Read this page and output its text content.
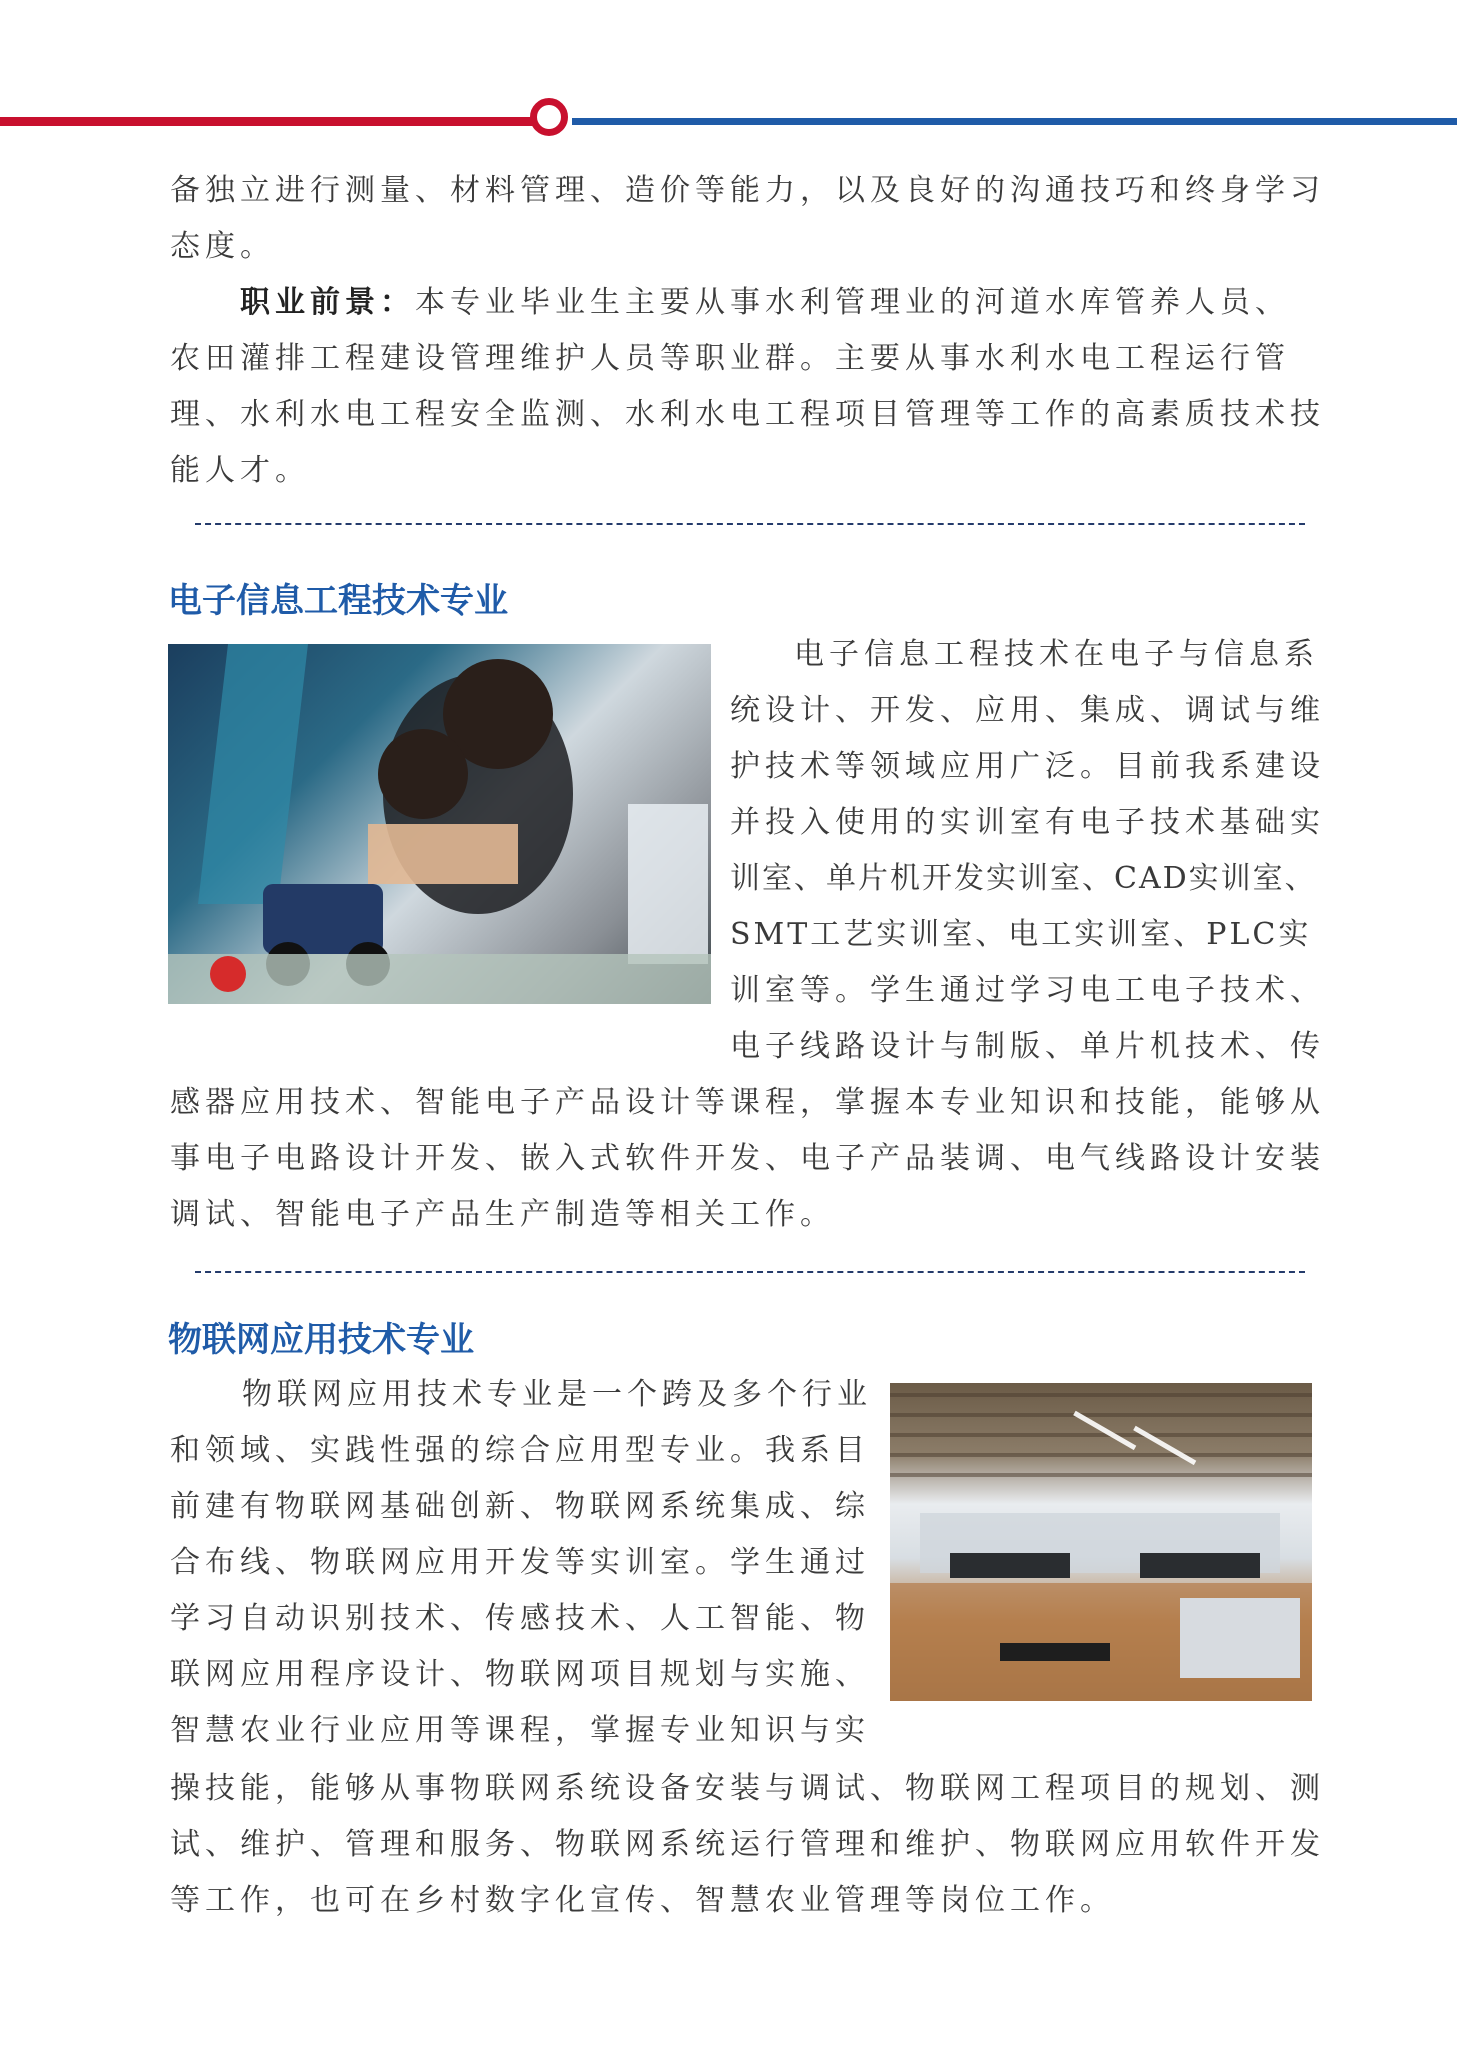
备独立进行测量、材料管理、造价等能力，以及良好的沟通技巧和终身学习
态度。
职业前景：本专业毕业生主要从事水利管理业的河道水库管养人员、
农田灌排工程建设管理维护人员等职业群。主要从事水利水电工程运行管
理、水利水电工程安全监测、水利水电工程项目管理等工作的高素质技术技
能人才。
电子信息工程技术专业
电子信息工程技术在电子与信息系
统设计、开发、应用、集成、调试与维
护技术等领域应用广泛。目前我系建设
并投入使用的实训室有电子技术基础实
训室、单片机开发实训室、CAD实训室、
SMT工艺实训室、电工实训室、PLC实
训室等。学生通过学习电工电子技术、
电子线路设计与制版、单片机技术、传
感器应用技术、智能电子产品设计等课程，掌握本专业知识和技能，能够从
事电子电路设计开发、嵌入式软件开发、电子产品装调、电气线路设计安装
调试、智能电子产品生产制造等相关工作。
物联网应用技术专业
物联网应用技术专业是一个跨及多个行业
和领域、实践性强的综合应用型专业。我系目
前建有物联网基础创新、物联网系统集成、综
合布线、物联网应用开发等实训室。学生通过
学习自动识别技术、传感技术、人工智能、物
联网应用程序设计、物联网项目规划与实施、
智慧农业行业应用等课程，掌握专业知识与实
操技能，能够从事物联网系统设备安装与调试、物联网工程项目的规划、测
试、维护、管理和服务、物联网系统运行管理和维护、物联网应用软件开发
等工作，也可在乡村数字化宣传、智慧农业管理等岗位工作。
